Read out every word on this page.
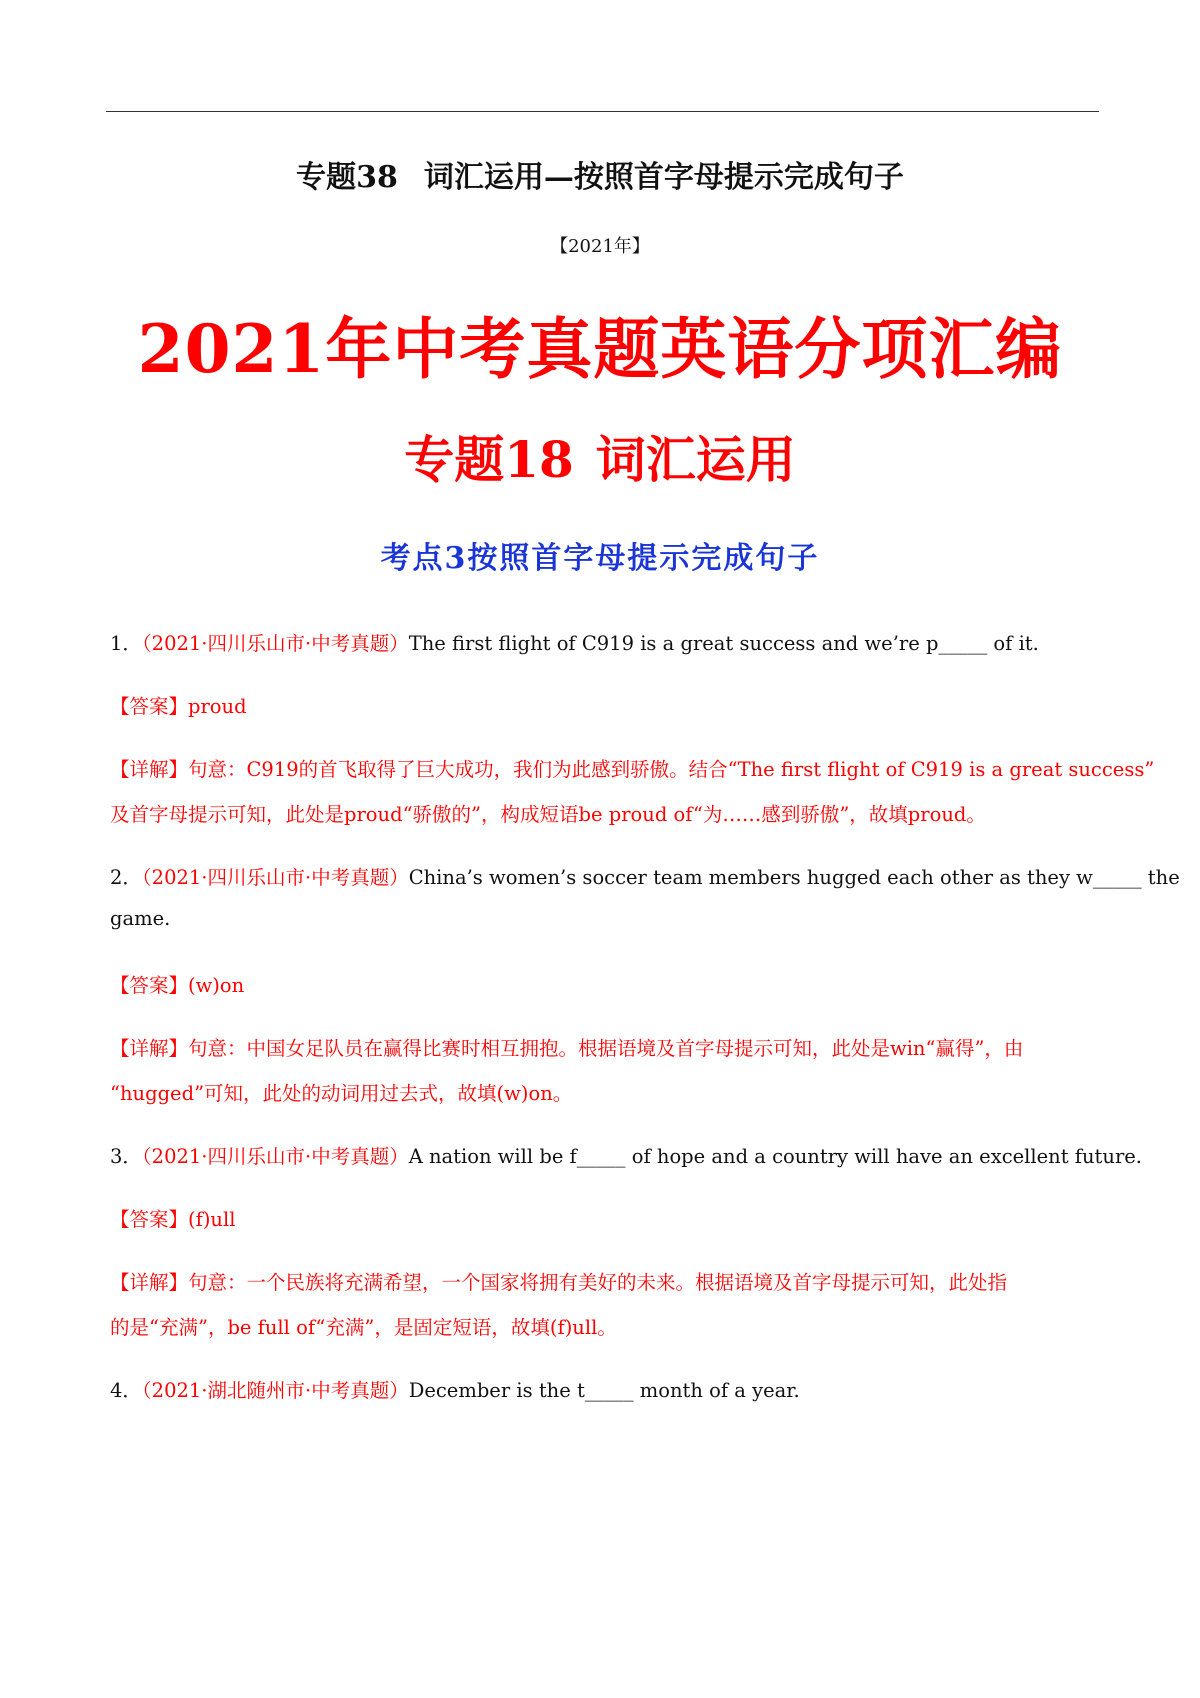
专题38 词汇运用—按照首字母提示完成句子
【2021年】
2021年中考真题英语分项汇编
专题18 词汇运用
考点3按照首字母提示完成句子
1．（2021·四川乐山市·中考真题）The first flight of C919 is a great success and we’re p_____ of it.
【答案】proud
【详解】句意：C919的首飞取得了巨大成功，我们为此感到骄傲。结合“The first flight of C919 is a great success”
及首字母提示可知，此处是proud“骄傲的”，构成短语be proud of“为……感到骄傲”，故填proud。
2．（2021·四川乐山市·中考真题）China’s women’s soccer team members hugged each other as they w_____ the
game.
【答案】(w)on
【详解】句意：中国女足队员在赢得比赛时相互拥抱。根据语境及首字母提示可知，此处是win“赢得”，由
“hugged”可知，此处的动词用过去式，故填(w)on。
3．（2021·四川乐山市·中考真题）A nation will be f_____ of hope and a country will have an excellent future.
【答案】(f)ull
【详解】句意：一个民族将充满希望，一个国家将拥有美好的未来。根据语境及首字母提示可知，此处指
的是“充满”，be full of“充满”，是固定短语，故填(f)ull。
4．（2021·湖北随州市·中考真题）December is the t_____ month of a year.
